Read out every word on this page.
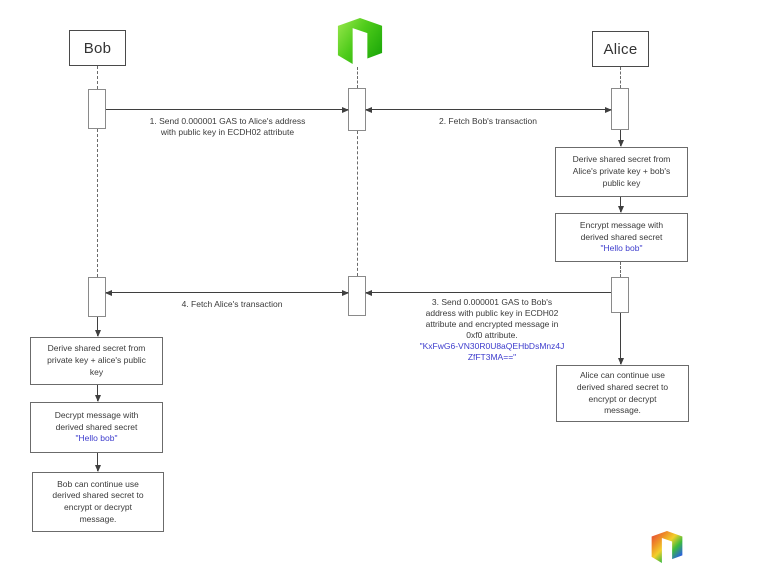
Bob	Alice
1. Send 0.000001 GAS to Alice's address
with public key in ECDH02 attribute
2. Fetch Bob's transaction
4. Fetch Alice's transaction	3. Send 0.000001 GAS to Bob's
address with public key in ECDH02
attribute and encrypted message in
0xf0 attribute.
"KxFwG6-VN30R0U8aQEHbDsMnz4J
ZfFT3MA=="
Derive shared secret from
Alice's private key + bob's
public key
Encrypt message with
derived shared secret
"Hello bob"
Alice can continue use
derived shared secret to
encrypt or decrypt
message.
Derive shared secret from
private key + alice's public
key
Decrypt message with
derived shared secret
"Hello bob"
Bob can continue use
derived shared secret to
encrypt or decrypt
message.
